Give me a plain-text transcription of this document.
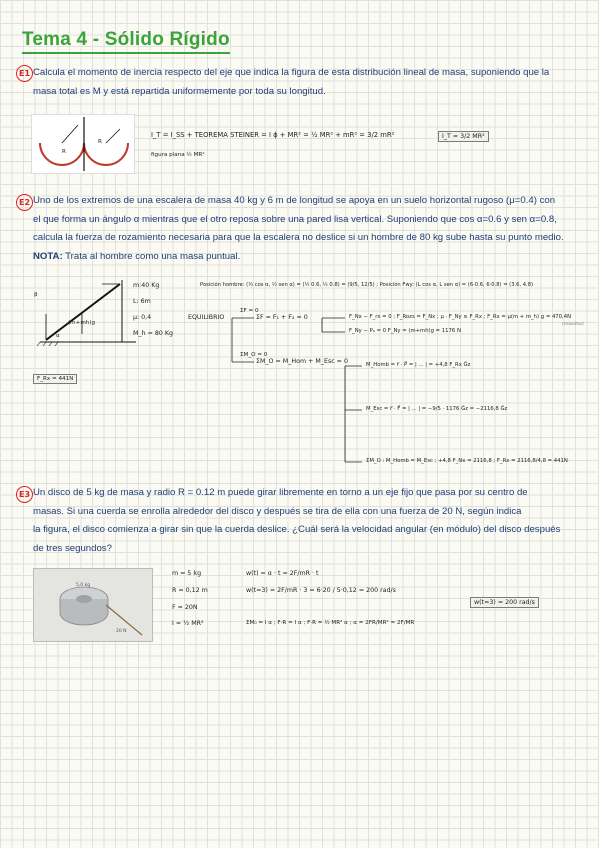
Tema 4 - Sólido Rígido
E1 Calcula el momento de inercia respecto del eje que indica la figura de esta distribución lineal de masa, suponiendo que la
masa total es M y está repartida uniformemente por toda su longitud.
R
R
I_T = I_SS + TEOREMA STEINER = I ϕ + MR² = ½ MR² + mR² = 3/2 mR²
figura plana ½ MR²
I_T = 3/2 MR²
E2 Uno de los extremos de una escalera de masa 40 kg y 6 m de longitud se apoya en un suelo horizontal rugoso (μ=0.4) con
el que forma un ángulo α mientras que el otro reposa sobre una pared lisa vertical. Suponiendo que cos α=0.6 y sen α=0.8,
calcula la fuerza de rozamiento necesaria para que la escalera no deslice si un hombre de 80 kg sube hasta su punto medio.
NOTA: Trata al hombre como una masa puntual.
(m+mh)g
β
α
F_Rx = 441N
m:40 Kg
L: 6m
μ: 0,4
M_h = 80 Kg
Posición hombre: (½ cos α, ½ sen α) = (½ 0.6, ½ 0.8) = (9/5, 12/5) ; Posición Fwy: (L cos α, L sen α) = (6·0.6, 6·0.8) = (3.6, 4.8)
EQUILIBRIO
ΣF = 0
ΣF = F₁ + F₂ = 0	F_Nx − F_rx = 0 ; F_Rozs = F_Nx ; μ · F_Ny ≥ F_Rx ; F_Rx = μ(m + m_h) g = 470,4N
(máximo)
F_Ny − P₀ = 0 F_Ny = (m+mh)g = 1176 N
ΣM_O = 0
ΣM_O = M_Hom + M_Esc = 0	M_Homb = r⃗ · P⃗ = | ... | = +4,8 F_Rx Ĝz
M_Esc = r⃗ · F⃗ = | ... | = −9/5 · 1176 Ĝz = −2116,8 Ĝz
ΣM_O : M_Homb = M_Esc ; +4,8 F_Nx = 2116,8 ; F_Rx = 2116,8/4,8 = 441N
E3 Un disco de 5 kg de masa y radio R = 0.12 m puede girar libremente en torno a un eje fijo que pasa por su centro de
masas. Si una cuerda se enrolla alrededor del disco y después se tira de ella con una fuerza de 20 N, según indica
la figura, el disco comienza a girar sin que la cuerda deslice. ¿Cuál será la velocidad angular (en módulo) del disco después
de tres segundos?
5,0 kg
20 N
m = 5 kg
R = 0,12 m
F = 20N
I = ½ MR²
w(t) = α · t = 2F/mR · t
w(t=3) = 2F/mR · 3 = 6·20 / 5·0,12 = 200 rad/s
ΣM₀ = I α ; F·R = I α ; F·R = ½ MR² α ; α = 2FR/MR² = 2F/MR
w(t=3) = 200 rad/s
